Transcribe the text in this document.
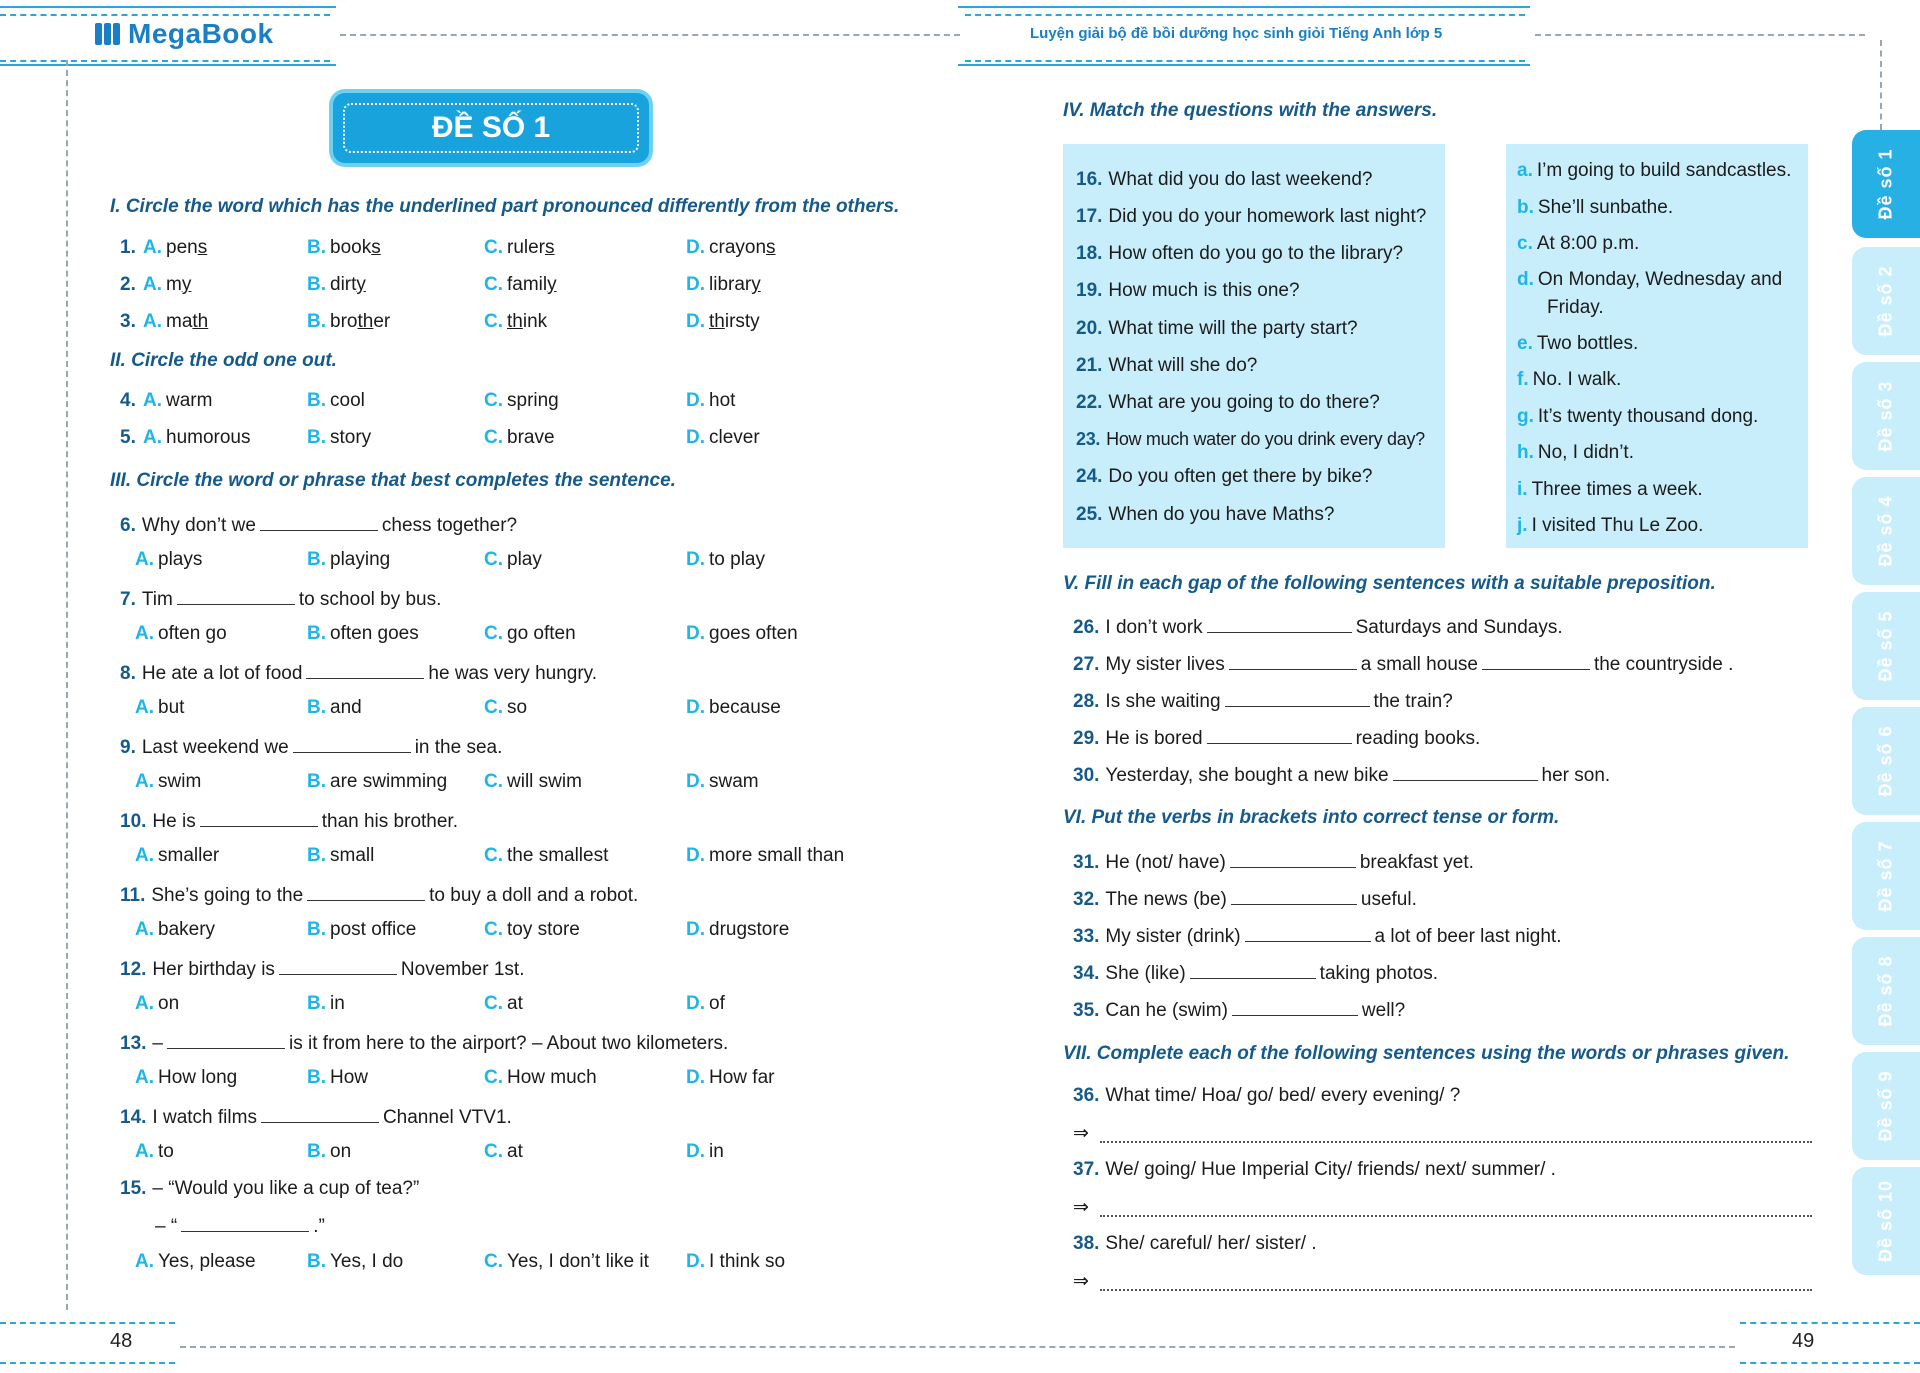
MegaBook	Luyện giải bộ đề bồi dưỡng học sinh giỏi Tiếng Anh lớp 5
ĐỀ SỐ 1
I. Circle the word which has the underlined part pronounced differently from the others.
1. A. pens	B. books	C. rulers	D. crayons
2. A. my	B. dirty	C. family	D. library
3. A. math	B. brother	C. think	D. thirsty
II. Circle the odd one out.
4. A. warm	B. cool	C. spring	D. hot
5. A. humorous	B. story	C. brave	D. clever
III. Circle the word or phrase that best completes the sentence.
6. Why don’t we	chess together?
A. plays	B. playing	C. play	D. to play
7. Tim	to school by bus.
A. often go	B. often goes	C. go often	D. goes often
8. He ate a lot of food	he was very hungry.
A. but	B. and	C. so	D. because
9. Last weekend we	in the sea.
A. swim	B. are swimming C. will swim	D. swam
10. He is	than his brother.
A. smaller	B. small	C. the smallest	D. more small than
11. She’s going to the	to buy a doll and a robot.
A. bakery	B. post office	C. toy store	D. drugstore
12. Her birthday is	November 1st.
A. on	B. in	C. at	D. of
13. –	is it from here to the airport? – About two kilometers.
A. How long	B. How	C. How much	D. How far
14. I watch films	Channel VTV1.
A. to	B. on	C. at	D. in
15. – “Would you like a cup of tea?”
– “	.”
A. Yes, please	B. Yes, I do	C. Yes, I don’t like it D. I think so
IV. Match the questions with the answers.
16. What did you do last weekend?
17. Did you do your homework last night?
18. How often do you go to the library?
19. How much is this one?
20. What time will the party start?
21. What will she do?
22. What are you going to do there?
23. How much water do you drink every day?
24. Do you often get there by bike?
25. When do you have Maths?
a. I’m going to build sandcastles.
b. She’ll sunbathe.
c. At 8:00 p.m.
d. On Monday, Wednesday and
Friday.
e. Two bottles.
f. No. I walk.
g. It’s twenty thousand dong.
h. No, I didn’t.
i. Three times a week.
j. I visited Thu Le Zoo.
V. Fill in each gap of the following sentences with a suitable preposition.
26. I don’t work	Saturdays and Sundays.
27. My sister lives	a small house	the countryside .
28. Is she waiting	the train?
29. He is bored	reading books.
30. Yesterday, she bought a new bike	her son.
VI. Put the verbs in brackets into correct tense or form.
31. He (not/ have)	breakfast yet.
32. The news (be)	useful.
33. My sister (drink)	a lot of beer last night.
34. She (like)	taking photos.
35. Can he (swim)	well?
VII. Complete each of the following sentences using the words or phrases given.
36. What time/ Hoa/ go/ bed/ every evening/ ?
⇒
37. We/ going/ Hue Imperial City/ friends/ next/ summer/ .
⇒
38. She/ careful/ her/ sister/ .
⇒
Đề số 1
Đề số 2
Đề số 3
Đề số 4
Đề số 5
Đề số 6
Đề số 7
Đề số 8
Đề số 9
Đề số 10
48	49
